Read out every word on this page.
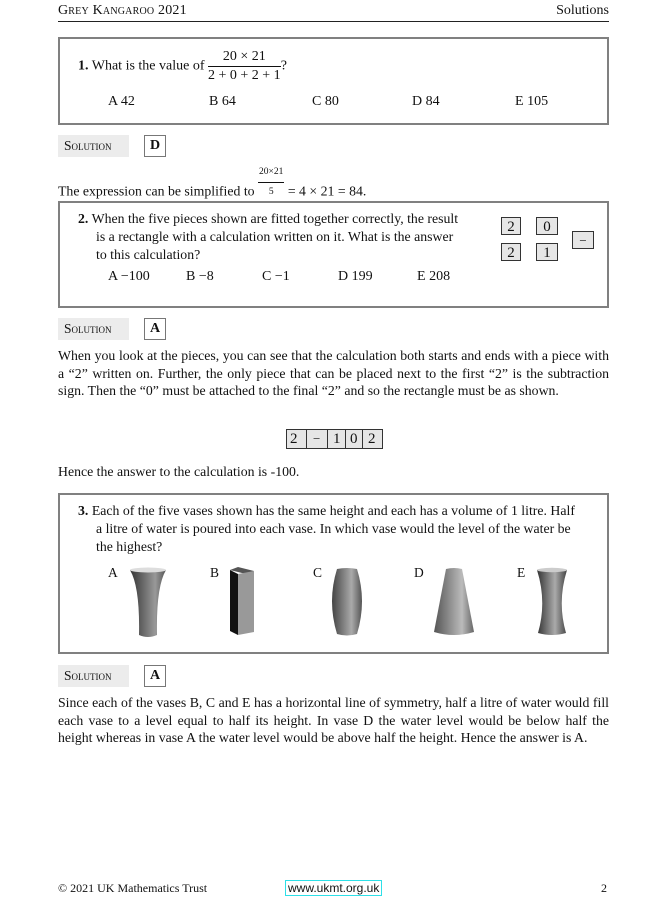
Grey Kangaroo 2021	Solutions
1. What is the value of $\frac{20 \times 21}{2 + 0 + 2 + 1}$ ?
A 42	B 64	C 80	D 84	E 105
Solution	D
The expression can be simplified to $\frac{20\times 21}{5} = 4 \times 21 = 84$.
2. When the five pieces shown are fitted together correctly, the result
is a rectangle with a calculation written on it. What is the answer
to this calculation?
A −100	B −8	C −1	D 199	E 208
2	0
2	1
−
Solution	A
When you look at the pieces, you can see that the calculation both starts and ends with a piece with a “2” written on. Further, the only piece that can be placed next to the first “2” is the subtraction sign. Then the “0” must be attached to the final “2” and so the rectangle must be as shown.
2 − 1 0 2
Hence the answer to the calculation is -100.
3. Each of the five vases shown has the same height and each has a volume of 1 litre. Half
a litre of water is poured into each vase. In which vase would the level of the water be
the highest?
A	B	C	D	E
Solution	A
Since each of the vases B, C and E has a horizontal line of symmetry, half a litre of water would fill each vase to a level equal to half its height. In vase D the water level would be below half the height whereas in vase A the water level would be above half the height. Hence the answer is A.
© 2021 UK Mathematics Trust	www.ukmt.org.uk	2
